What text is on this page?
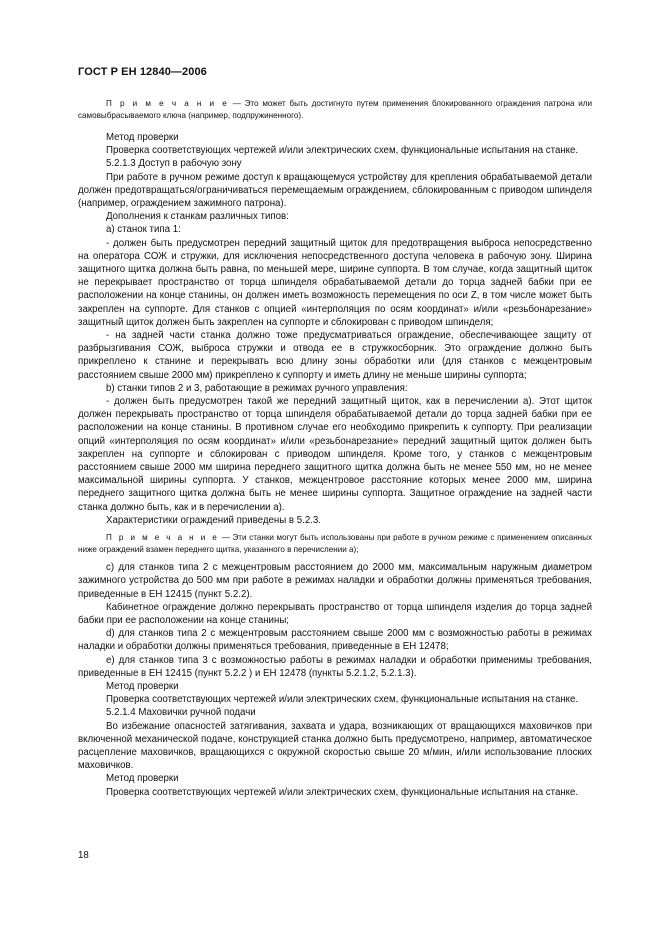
ГОСТ Р ЕН 12840—2006

П р и м е ч а н и е — Это может быть достигнуто путем применения блокированного ограждения патрона или самовыбрасываемого ключа (например, подпружиненного).

Метод проверки

Проверка соответствующих чертежей и/или электрических схем, функциональные испытания на станке.

5.2.1.3 Доступ в рабочую зону

При работе в ручном режиме доступ к вращающемуся устройству для крепления обрабатываемой детали должен предотвращаться/ограничиваться перемещаемым ограждением, сблокированным с приводом шпинделя (например, ограждением зажимного патрона).

Дополнения к станкам различных типов:

a) станок типа 1:

- должен быть предусмотрен передний защитный щиток для предотвращения выброса непосредственно на оператора СОЖ и стружки, для исключения непосредственного доступа человека в рабочую зону. Ширина защитного щитка должна быть равна, по меньшей мере, ширине суппорта. В том случае, когда защитный щиток не перекрывает пространство от торца шпинделя обрабатываемой детали до торца задней бабки при ее расположении на конце станины, он должен иметь возможность перемещения по оси Z, в том числе может быть закреплен на суппорте. Для станков с опцией «интерполяция по осям координат» и/или «резьбонарезание» защитный щиток должен быть закреплен на суппорте и сблокирован с приводом шпинделя;

- на задней части станка должно тоже предусматриваться ограждение, обеспечивающее защиту от разбрызгивания СОЖ, выброса стружки и отвода ее в стружкосборник. Это ограждение должно быть прикреплено к станине и перекрывать всю длину зоны обработки или (для станков с межцентровым расстоянием свыше 2000 мм) прикреплено к суппорту и иметь длину не меньше ширины суппорта;

b) станки типов 2 и 3, работающие в режимах ручного управления:

- должен быть предусмотрен такой же передний защитный щиток, как в перечислении a). Этот щиток должен перекрывать пространство от торца шпинделя обрабатываемой детали до торца задней бабки при ее расположении на конце станины. В противном случае его необходимо прикрепить к суппорту. При реализации опций «интерполяция по осям координат» и/или «резьбонарезание» передний защитный щиток должен быть закреплен на суппорте и сблокирован с приводом шпинделя. Кроме того, у станков с межцентровым расстоянием свыше 2000 мм ширина переднего защитного щитка должна быть не менее 550 мм, но не менее максимальной ширины суппорта. У станков, межцентровое расстояние которых менее 2000 мм, ширина переднего защитного щитка должна быть не менее ширины суппорта. Защитное ограждение на задней части станка должно быть, как и в перечислении a).

Характеристики ограждений приведены в 5.2.3.

П р и м е ч а н и е — Эти станки могут быть использованы при работе в ручном режиме с применением описанных ниже ограждений взамен переднего щитка, указанного в перечислении a);

c) для станков типа 2 с межцентровым расстоянием до 2000 мм, максимальным наружным диаметром зажимного устройства до 500 мм при работе в режимах наладки и обработки должны применяться требования, приведенные в ЕН 12415 (пункт 5.2.2).

Кабинетное ограждение должно перекрывать пространство от торца шпинделя изделия до торца задней бабки при ее расположении на конце станины;

d) для станков типа 2 с межцентровым расстоянием свыше 2000 мм с возможностью работы в режимах наладки и обработки должны применяться требования, приведенные в ЕН 12478;

e) для станков типа 3 с возможностью работы в режимах наладки и обработки применимы требования, приведенные в ЕН 12415 (пункт 5.2.2 ) и ЕН 12478 (пункты 5.2.1.2, 5.2.1.3).

Метод проверки

Проверка соответствующих чертежей и/или электрических схем, функциональные испытания на станке.

5.2.1.4 Маховички ручной подачи

Во избежание опасностей затягивания, захвата и удара, возникающих от вращающихся маховичков при включенной механической подаче, конструкцией станка должно быть предусмотрено, например, автоматическое расцепление маховичков, вращающихся с окружной скоростью свыше 20 м/мин, и/или использование плоских маховичков.

Метод проверки

Проверка соответствующих чертежей и/или электрических схем, функциональные испытания на станке.

18
